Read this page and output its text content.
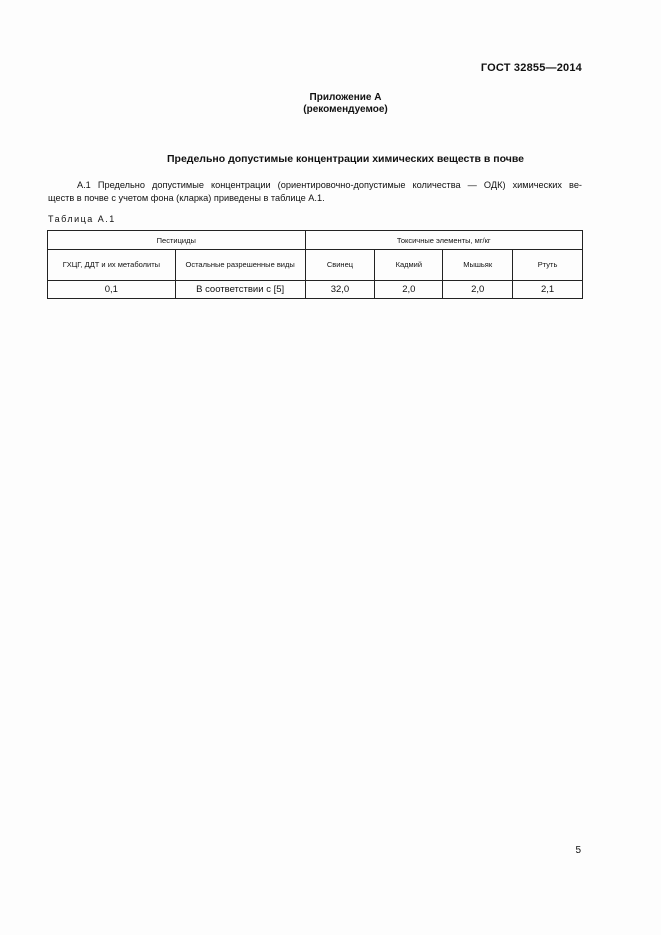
ГОСТ 32855—2014
Приложение А
(рекомендуемое)
Предельно допустимые концентрации химических веществ в почве
А.1 Предельно допустимые концентрации (ориентировочно-допустимые количества — ОДК) химических ве-
ществ в почве с учетом фона (кларка) приведены в таблице А.1.
Таблица А.1
Пестициды		Токсичные элементы, мг/кг			
ГХЦГ, ДДТ и их метаболиты	Остальные разрешенные виды	Свинец	Кадмий	Мышьяк	Ртуть
0,1	В соответствии с [5]	32,0	2,0	2,0	2,1
5
